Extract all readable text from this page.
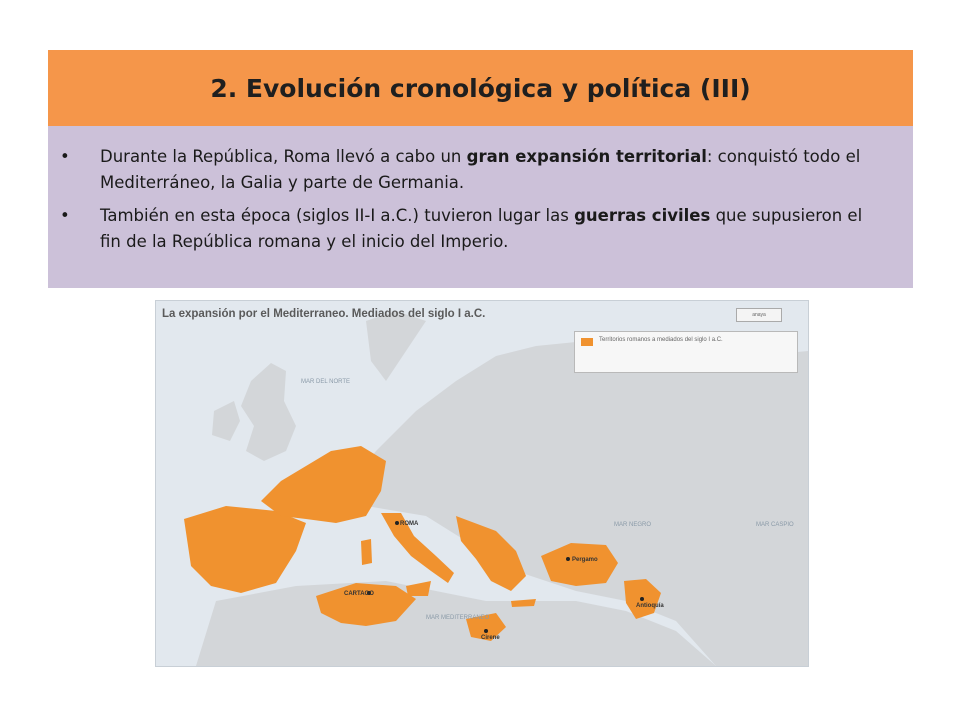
2. Evolución cronológica y política (III)
• Durante la República, Roma llevó a cabo un gran expansión territorial: conquistó todo el Mediterráneo, la Galia y parte de Germania.
• También en esta época (siglos II-I a.C.) tuvieron lugar las guerras civiles que supusieron el fin de la República romana y el inicio del Imperio.
MAR DEL NORTE
MAR NEGRO	MAR CASPIO
MAR MEDITERRANEO
ROMA
CARTAGO
Pergamo
Antioquía
Cirene
La expansión por el Mediterraneo. Mediados del siglo I a.C.	anaya
Territorios romanos a mediados del siglo I a.C.
